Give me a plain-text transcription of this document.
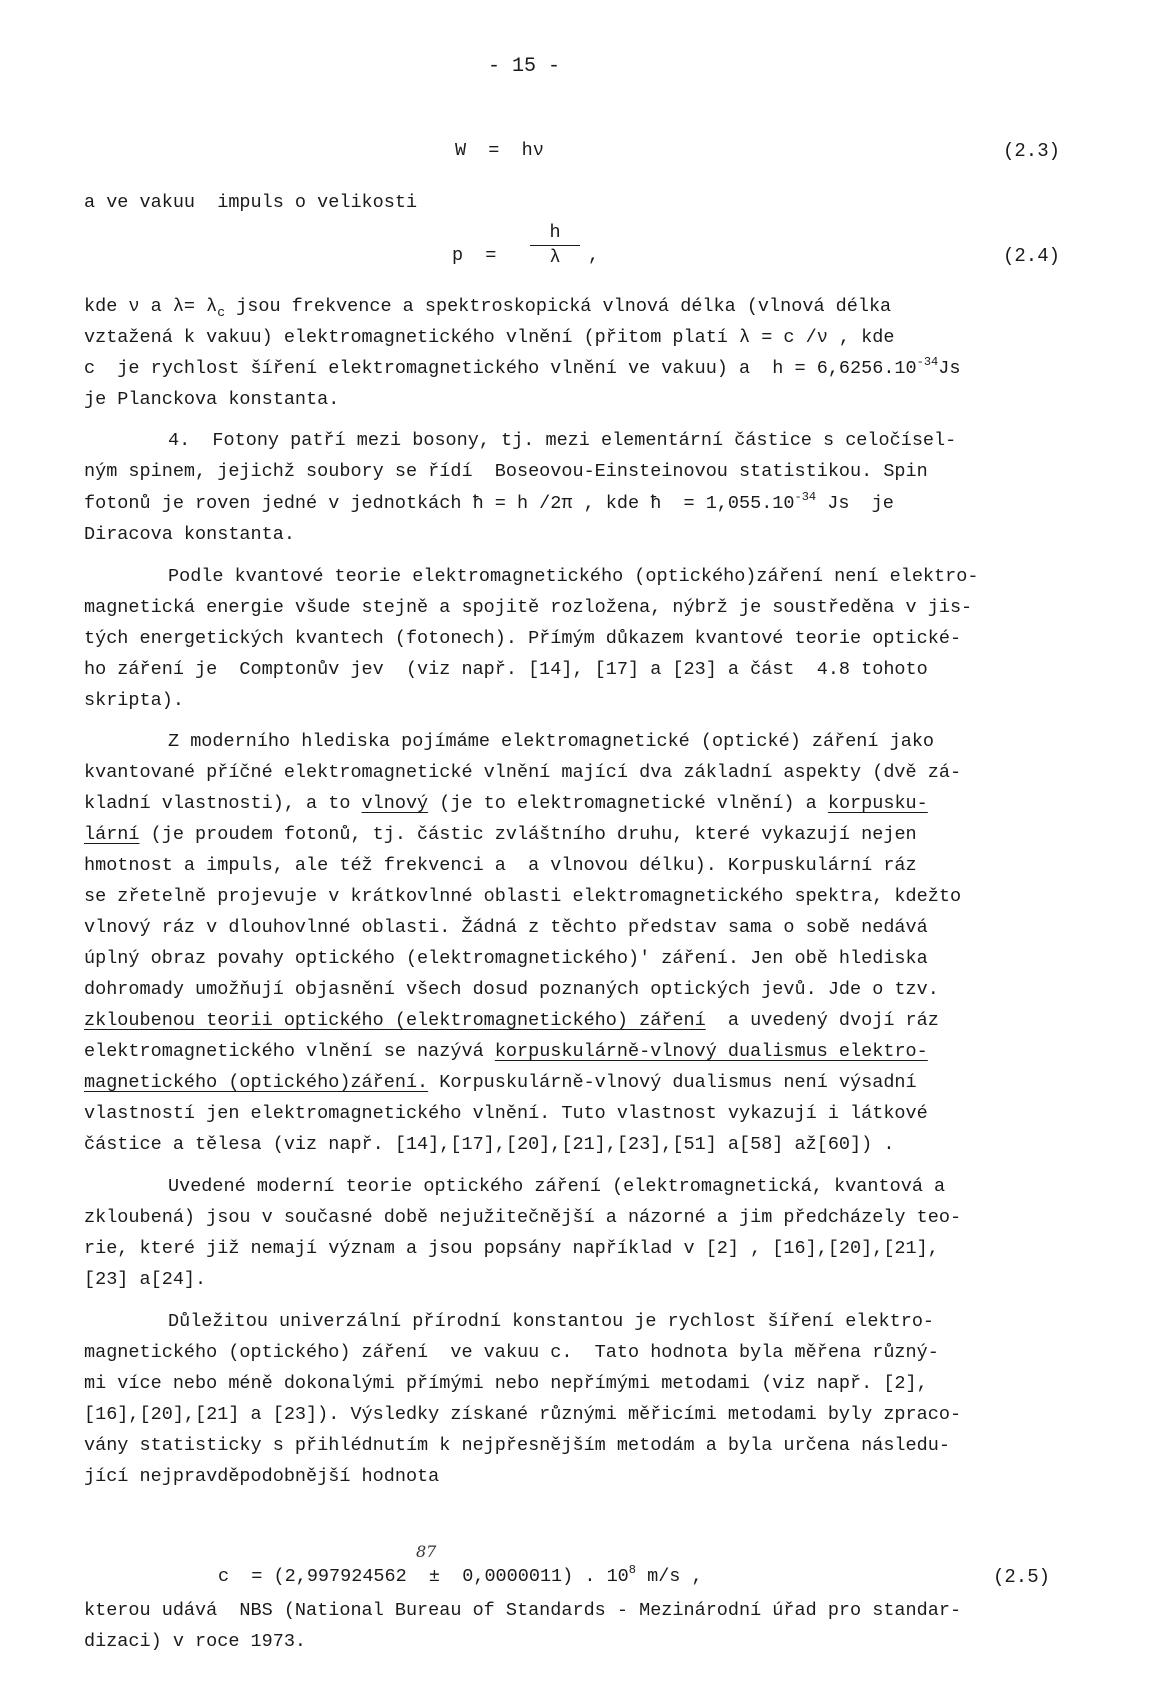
- 15 -
W  =  hν	(2.3)
a ve vakuu  impuls o velikosti
$p = \frac{h}{\lambda}$ ,	(2.4)
kde ν a $\lambda= \lambda_c$ jsou frekvence a spektroskopická vlnová délka (vlnová délka
vztažená k vakuu) elektromagnetického vlnění (přitom platí λ = c /ν , kde
c  je rychlost šíření elektromagnetického vlnění ve vakuu) a  $h = 6,6256.10^{-34}Js$
je Planckova konstanta.
4.  Fotony patří mezi bosony, tj. mezi elementární částice s celočísel-
ným spinem, jejichž soubory se řídí  Boseovou-Einsteinovou statistikou. Spin
fotonů je roven jedné v jednotkách ħ = h /2π , kde ħ  = $1,055.10^{-34}$ Js  je
Diracova konstanta.
Podle kvantové teorie elektromagnetického (optického)záření není elektro-
magnetická energie všude stejně a spojitě rozložena, nýbrž je soustředěna v jis-
tých energetických kvantech (fotonech). Přímým důkazem kvantové teorie optické-
ho záření je  Comptonův jev  (viz např. [14], [17] a [23] a část  4.8 tohoto
skripta).
Z moderního hlediska pojímáme elektromagnetické (optické) záření jako
kvantované příčné elektromagnetické vlnění mající dva základní aspekty (dvě zá-
kladní vlastnosti), a to vlnový (je to elektromagnetické vlnění) a korpusku-
lární (je proudem fotonů, tj. částic zvláštního druhu, které vykazují nejen
hmotnost a impuls, ale též frekvenci a  a vlnovou délku). Korpuskulární ráz
se zřetelně projevuje v krátkovlnné oblasti elektromagnetického spektra, kdežto
vlnový ráz v dlouhovlnné oblasti. Žádná z těchto představ sama o sobě nedává
úplný obraz povahy optického (elektromagnetického)' záření. Jen obě hlediska
dohromady umožňují objasnění všech dosud poznaných optických jevů. Jde o tzv.
zkloubenou teorii optického (elektromagnetického) záření  a uvedený dvojí ráz
elektromagnetického vlnění se nazývá korpuskulárně-vlnový dualismus elektro-
magnetického (optického)záření. Korpuskulárně-vlnový dualismus není výsadní
vlastností jen elektromagnetického vlnění. Tuto vlastnost vykazují i látkové
částice a tělesa (viz např. [14],[17],[20],[21],[23],[51] a[58] až[60]) .
Uvedené moderní teorie optického záření (elektromagnetická, kvantová a
zkloubená) jsou v současné době nejužitečnější a názorné a jim předcházely teo-
rie, které již nemají význam a jsou popsány například v [2] , [16],[20],[21],
[23] a[24].
Důležitou univerzální přírodní konstantou je rychlost šíření elektro-
magnetického (optického) záření  ve vakuu c.  Tato hodnota byla měřena různý-
mi více nebo méně dokonalými přímými nebo nepřímými metodami (viz např. [2],
[16],[20],[21] a [23]). Výsledky získané různými měřicími metodami byly zpraco-
vány statisticky s přihlédnutím k nejpřesnějším metodám a byla určena následu-
jící nejpravděpodobnější hodnota
87
c  = (2,997924562  ±  0,0000011) . $10^8$ m/s ,	(2.5)
kterou udává  NBS (National Bureau of Standards - Mezinárodní úřad pro standar-
dizaci) v roce 1973.
